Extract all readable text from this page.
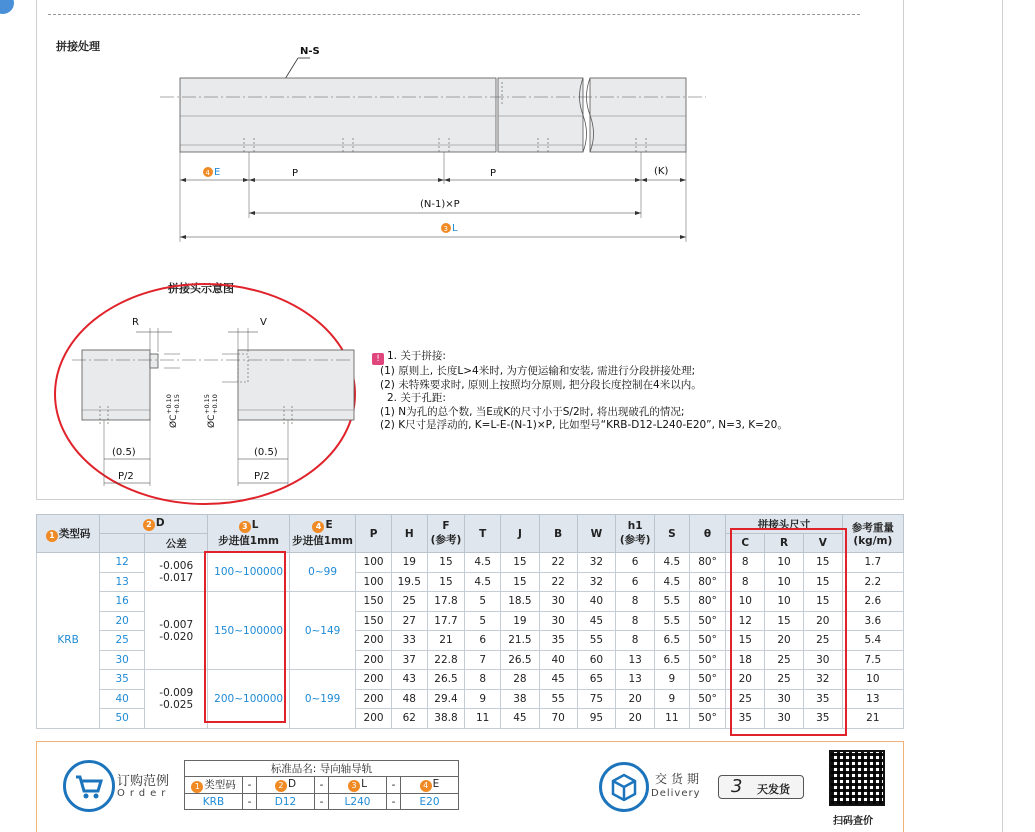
拼接处理	N-S
4 E	P	P	(K)
(N-1)×P
3 L
拼接头示意图
R	V
ØC
+0.10 +0.15
ØC
+0.15 +0.10
(0.5)	(0.5)
P/2	P/2
! 1. 关于拼接:
(1) 原则上, 长度L>4米时, 为方便运输和安装, 需进行分段拼接处理;
(2) 未特殊要求时, 原则上按照均分原则, 把分段长度控制在4米以内。
2. 关于孔距:
(1) N为孔的总个数, 当E或K的尺寸小于S/2时, 将出现破孔的情况;
(2) K尺寸是浮动的, K=L-E-(N-1)×P, 比如型号“KRB-D12-L240-E20”, N=3, K=20。
1 类型码	2 D		3 L
步进值1mm	4 E
步进值1mm	P	H	F
(参考)	T	J	B	W	h1
(参考)	S	θ	拼接头尺寸			参考重量
(kg/m)
		公差													C	R	V	
KRB	12	-0.006
-0.017	100~100000	0~99	100	19	15	4.5	15	22	32	6	4.5	80°	8	10	15	1.7
	13				100	19.5	15	4.5	15	22	32	6	4.5	80°	8	10	15	2.2
	16	-0.007
-0.020	150~100000	0~149	150	25	17.8	5	18.5	30	40	8	5.5	80°	10	10	15	2.6
	20				150	27	17.7	5	19	30	45	8	5.5	50°	12	15	20	3.6
	25				200	33	21	6	21.5	35	55	8	6.5	50°	15	20	25	5.4
	30				200	37	22.8	7	26.5	40	60	13	6.5	50°	18	25	30	7.5
	35	-0.009
-0.025	200~100000	0~199	200	43	26.5	8	28	45	65	13	9	50°	20	25	32	10
	40				200	48	29.4	9	38	55	75	20	9	50°	25	30	35	13
	50				200	62	38.8	11	45	70	95	20	11	50°	35	30	35	21
订购范例
Order
标准品名: 导向轴导轨						
1 类型码	-	2 D	-	3 L	-	4 E
KRB	-	D12	-	L240	-	E20
交货期
Delivery 3 天发货
扫码查价
